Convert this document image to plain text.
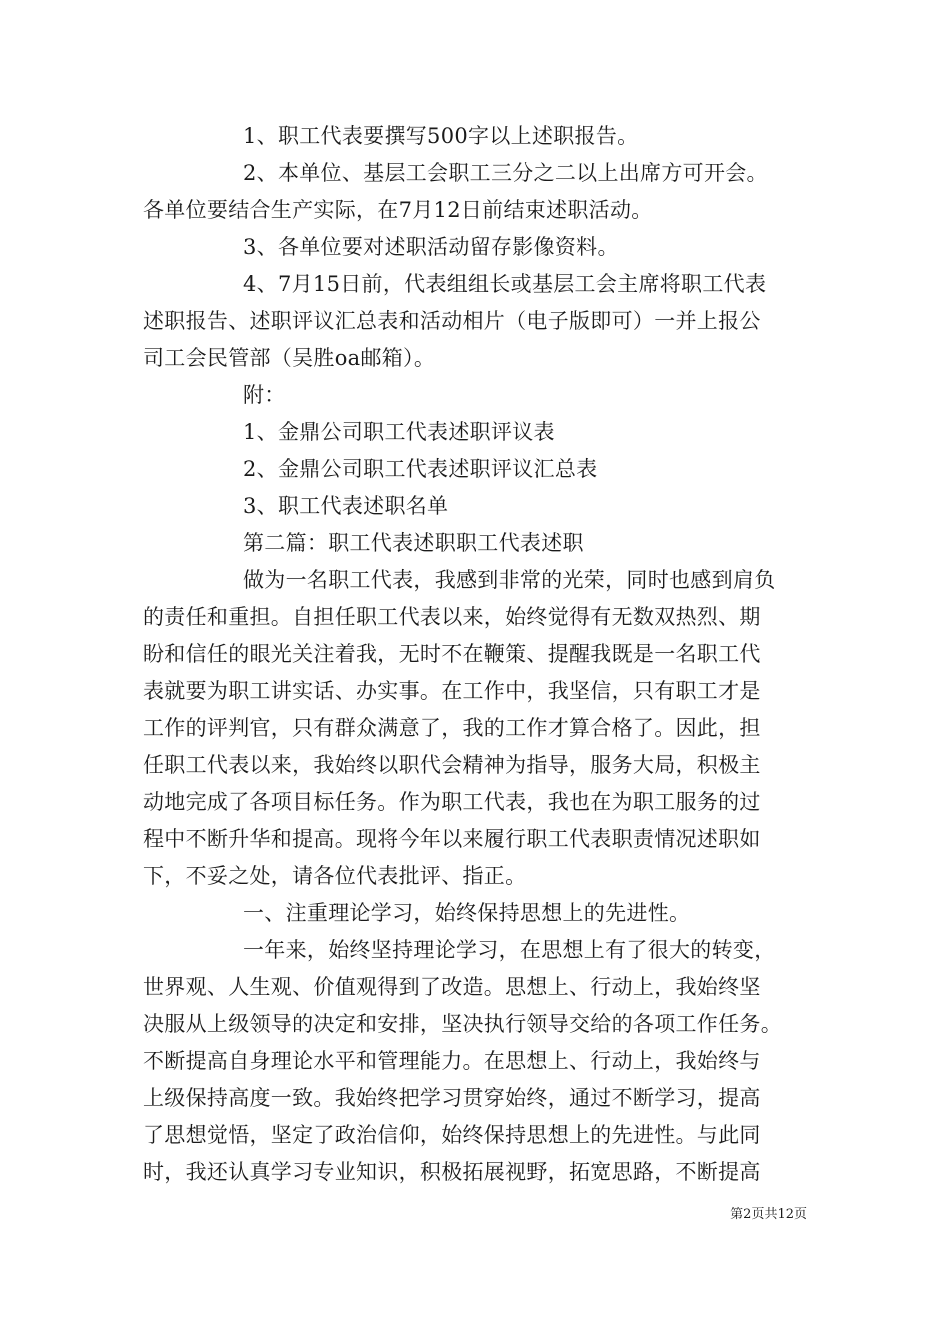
1、职工代表要撰写500字以上述职报告。
2、本单位、基层工会职工三分之二以上出席方可开会。
各单位要结合生产实际，在7月12日前结束述职活动。
3、各单位要对述职活动留存影像资料。
4、7月15日前，代表组组长或基层工会主席将职工代表
述职报告、述职评议汇总表和活动相片（电子版即可）一并上报公
司工会民管部（吴胜oa邮箱）。
附：
1、金鼎公司职工代表述职评议表
2、金鼎公司职工代表述职评议汇总表
3、职工代表述职名单
第二篇：职工代表述职职工代表述职
做为一名职工代表，我感到非常的光荣，同时也感到肩负
的责任和重担。自担任职工代表以来，始终觉得有无数双热烈、期
盼和信任的眼光关注着我，无时不在鞭策、提醒我既是一名职工代
表就要为职工讲实话、办实事。在工作中，我坚信，只有职工才是
工作的评判官，只有群众满意了，我的工作才算合格了。因此，担
任职工代表以来，我始终以职代会精神为指导，服务大局，积极主
动地完成了各项目标任务。作为职工代表，我也在为职工服务的过
程中不断升华和提高。现将今年以来履行职工代表职责情况述职如
下，不妥之处，请各位代表批评、指正。
一、注重理论学习，始终保持思想上的先进性。
一年来，始终坚持理论学习，在思想上有了很大的转变，
世界观、人生观、价值观得到了改造。思想上、行动上，我始终坚
决服从上级领导的决定和安排，坚决执行领导交给的各项工作任务。
不断提高自身理论水平和管理能力。在思想上、行动上，我始终与
上级保持高度一致。我始终把学习贯穿始终，通过不断学习，提高
了思想觉悟，坚定了政治信仰，始终保持思想上的先进性。与此同
时，我还认真学习专业知识，积极拓展视野，拓宽思路，不断提高
第2页共12页
